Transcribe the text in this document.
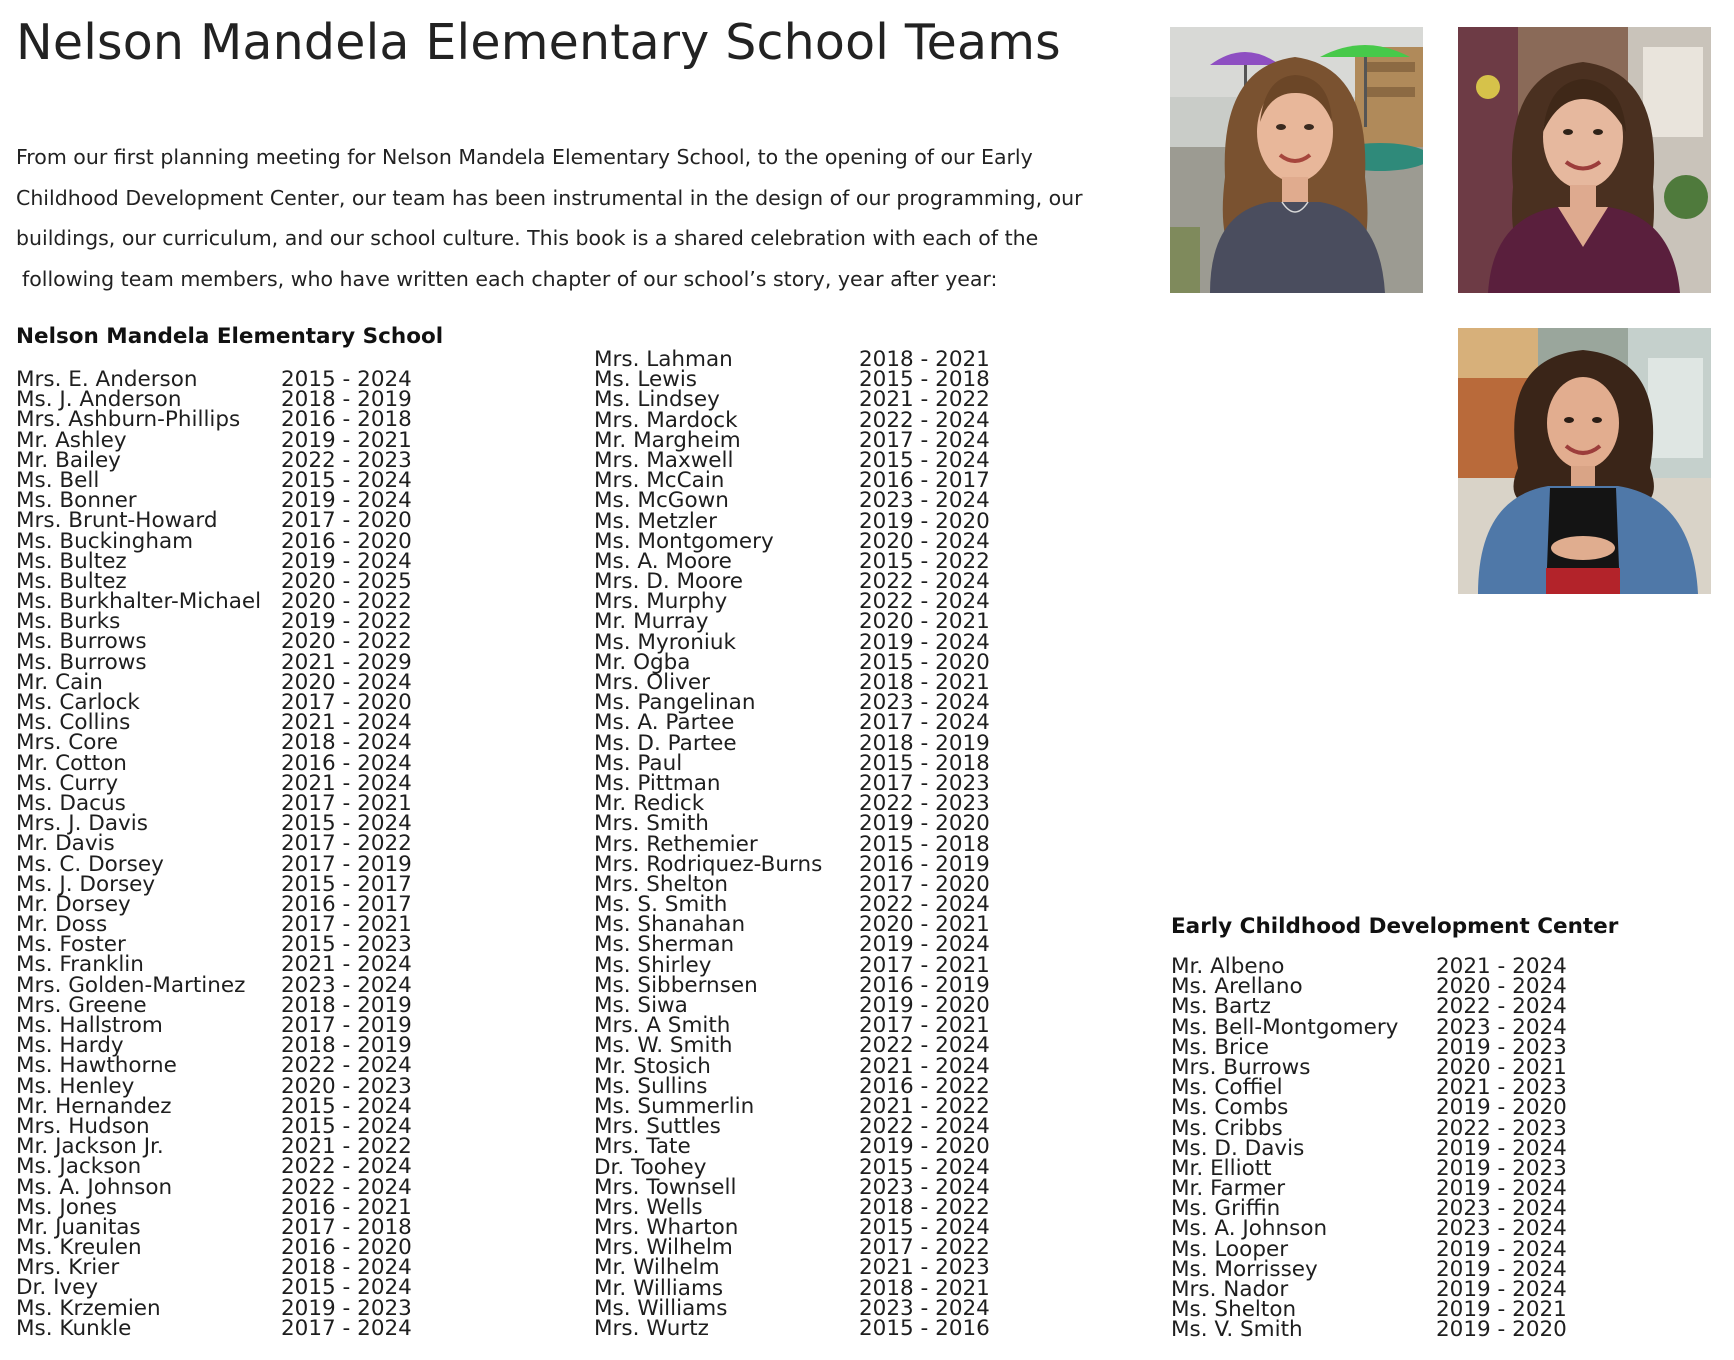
Nelson Mandela Elementary School Teams
From our first planning meeting for Nelson Mandela Elementary School, to the opening of our Early
Childhood Development Center, our team has been instrumental in the design of our programming, our
buildings, our curriculum, and our school culture. This book is a shared celebration with each of the
following team members, who have written each chapter of our school’s story, year after year:
Nelson Mandela Elementary School
Mrs. E. Anderson	2015 - 2024
Ms. J. Anderson	2018 - 2019
Mrs. Ashburn-Phillips 2016 - 2018
Mr. Ashley	2019 - 2021
Mr. Bailey	2022 - 2023
Ms. Bell	2015 - 2024
Ms. Bonner	2019 - 2024
Mrs. Brunt-Howard	2017 - 2020
Ms. Buckingham	2016 - 2020
Ms. Bultez	2019 - 2024
Ms. Bultez	2020 - 2025
Ms. Burkhalter-Michael 2020 - 2022
Ms. Burks	2019 - 2022
Ms. Burrows	2020 - 2022
Ms. Burrows	2021 - 2029
Mr. Cain	2020 - 2024
Ms. Carlock	2017 - 2020
Ms. Collins	2021 - 2024
Mrs. Core	2018 - 2024
Mr. Cotton	2016 - 2024
Ms. Curry	2021 - 2024
Ms. Dacus	2017 - 2021
Mrs. J. Davis	2015 - 2024
Mr. Davis	2017 - 2022
Ms. C. Dorsey	2017 - 2019
Ms. J. Dorsey	2015 - 2017
Mr. Dorsey	2016 - 2017
Mr. Doss	2017 - 2021
Ms. Foster	2015 - 2023
Ms. Franklin	2021 - 2024
Mrs. Golden-Martinez 2023 - 2024
Mrs. Greene	2018 - 2019
Ms. Hallstrom	2017 - 2019
Ms. Hardy	2018 - 2019
Ms. Hawthorne	2022 - 2024
Ms. Henley	2020 - 2023
Mr. Hernandez	2015 - 2024
Mrs. Hudson	2015 - 2024
Mr. Jackson Jr.	2021 - 2022
Ms. Jackson	2022 - 2024
Ms. A. Johnson	2022 - 2024
Ms. Jones	2016 - 2021
Mr. Juanitas	2017 - 2018
Ms. Kreulen	2016 - 2020
Mrs. Krier	2018 - 2024
Dr. Ivey	2015 - 2024
Ms. Krzemien	2019 - 2023
Ms. Kunkle	2017 - 2024
Mrs. Lahman	2018 - 2021
Ms. Lewis	2015 - 2018
Ms. Lindsey	2021 - 2022
Mrs. Mardock	2022 - 2024
Mr. Margheim	2017 - 2024
Mrs. Maxwell	2015 - 2024
Mrs. McCain	2016 - 2017
Ms. McGown	2023 - 2024
Ms. Metzler	2019 - 2020
Ms. Montgomery	2020 - 2024
Ms. A. Moore	2015 - 2022
Mrs. D. Moore	2022 - 2024
Mrs. Murphy	2022 - 2024
Mr. Murray	2020 - 2021
Ms. Myroniuk	2019 - 2024
Mr. Ogba	2015 - 2020
Mrs. Oliver	2018 - 2021
Ms. Pangelinan	2023 - 2024
Ms. A. Partee	2017 - 2024
Ms. D. Partee	2018 - 2019
Ms. Paul	2015 - 2018
Ms. Pittman	2017 - 2023
Mr. Redick	2022 - 2023
Mrs. Smith	2019 - 2020
Mrs. Rethemier	2015 - 2018
Mrs. Rodriquez-Burns 2016 - 2019
Mrs. Shelton	2017 - 2020
Ms. S. Smith	2022 - 2024
Ms. Shanahan	2020 - 2021
Ms. Sherman	2019 - 2024
Ms. Shirley	2017 - 2021
Ms. Sibbernsen	2016 - 2019
Ms. Siwa	2019 - 2020
Mrs. A Smith	2017 - 2021
Ms. W. Smith	2022 - 2024
Mr. Stosich	2021 - 2024
Ms. Sullins	2016 - 2022
Ms. Summerlin	2021 - 2022
Mrs. Suttles	2022 - 2024
Mrs. Tate	2019 - 2020
Dr. Toohey	2015 - 2024
Mrs. Townsell	2023 - 2024
Mrs. Wells	2018 - 2022
Mrs. Wharton	2015 - 2024
Mrs. Wilhelm	2017 - 2022
Mr. Wilhelm	2021 - 2023
Mr. Williams	2018 - 2021
Ms. Williams	2023 - 2024
Mrs. Wurtz	2015 - 2016
Early Childhood Development Center
Mr. Albeno	2021 - 2024
Ms. Arellano	2020 - 2024
Ms. Bartz	2022 - 2024
Ms. Bell-Montgomery 2023 - 2024
Ms. Brice	2019 - 2023
Mrs. Burrows	2020 - 2021
Ms. Coffiel	2021 - 2023
Ms. Combs	2019 - 2020
Ms. Cribbs	2022 - 2023
Ms. D. Davis	2019 - 2024
Mr. Elliott	2019 - 2023
Mr. Farmer	2019 - 2024
Ms. Griffin	2023 - 2024
Ms. A. Johnson	2023 - 2024
Ms. Looper	2019 - 2024
Ms. Morrissey	2019 - 2024
Mrs. Nador	2019 - 2024
Ms. Shelton	2019 - 2021
Ms. V. Smith	2019 - 2020
